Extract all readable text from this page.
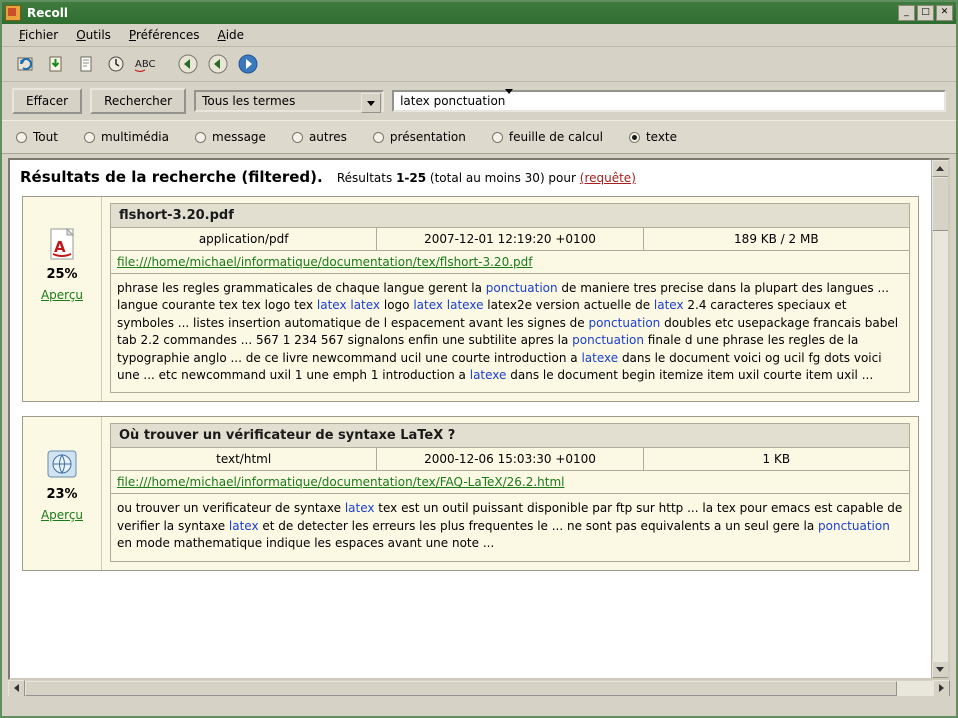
Recoll	_	□	✕
Fichier	Outils	Préférences	Aide
ABC
Effacer	Rechercher	Tous les termes	latex ponctuation
Tout	multimédia	message	autres	présentation	feuille de calcul	texte
Résultats de la recherche (filtered). Résultats 1-25 (total au moins 30) pour (requête)
A
25%
Aperçu
flshort-3.20.pdf
application/pdf	2007-12-01 12:19:20 +0100	189 KB / 2 MB
file:///home/michael/informatique/documentation/tex/flshort-3.20.pdf
phrase les regles grammaticales de chaque langue gerent la ponctuation de maniere tres precise dans la plupart des langues ... langue courante tex tex logo tex latex latex logo latex latexe latex2e version actuelle de latex 2.4 caracteres speciaux et symboles ... listes insertion automatique de l espacement avant les signes de ponctuation doubles etc usepackage francais babel tab 2.2 commandes ... 567 1 234 567 signalons enfin une subtilite apres la ponctuation finale d une phrase les regles de la typographie anglo ... de ce livre newcommand ucil une courte introduction a latexe dans le document voici og ucil fg dots voici une ... etc newcommand uxil 1 une emph 1 introduction a latexe dans le document begin itemize item uxil courte item uxil ...
23%
Aperçu
Où trouver un vérificateur de syntaxe LaTeX ?
text/html	2000-12-06 15:03:30 +0100	1 KB
file:///home/michael/informatique/documentation/tex/FAQ-LaTeX/26.2.html
ou trouver un verificateur de syntaxe latex tex est un outil puissant disponible par ftp sur http ... la tex pour emacs est capable de verifier la syntaxe latex et de detecter les erreurs les plus frequentes le ... ne sont pas equivalents a un seul gere la ponctuation en mode mathematique indique les espaces avant une note ...
